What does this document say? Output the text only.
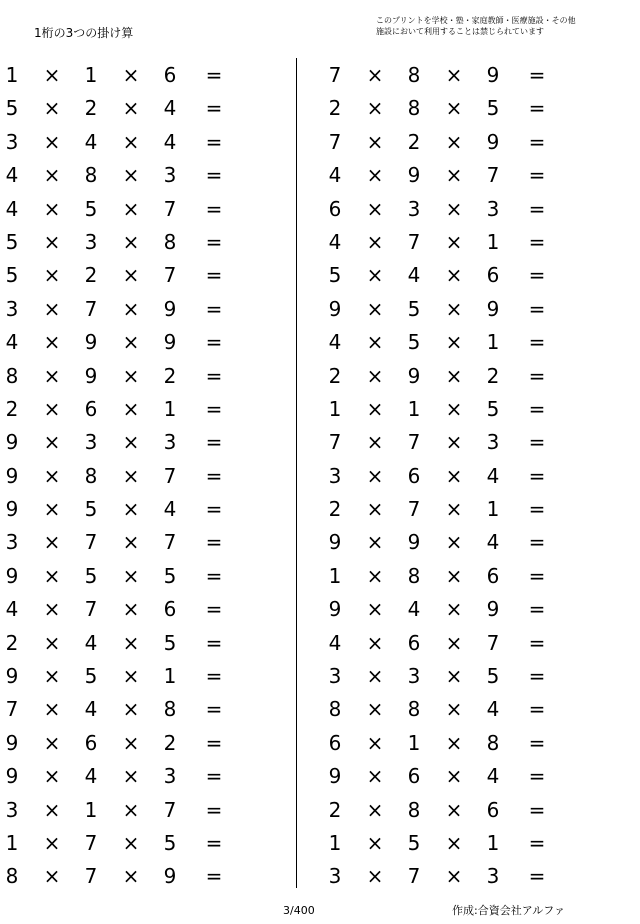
1桁の3つの掛け算
このプリントを学校・塾・家庭教師・医療施設・その他
施設において利用することは禁じられています
1 × 1 × 6 =
5 × 2 × 4 =
3 × 4 × 4 =
4 × 8 × 3 =
4 × 5 × 7 =
5 × 3 × 8 =
5 × 2 × 7 =
3 × 7 × 9 =
4 × 9 × 9 =
8 × 9 × 2 =
2 × 6 × 1 =
9 × 3 × 3 =
9 × 8 × 7 =
9 × 5 × 4 =
3 × 7 × 7 =
9 × 5 × 5 =
4 × 7 × 6 =
2 × 4 × 5 =
9 × 5 × 1 =
7 × 4 × 8 =
9 × 6 × 2 =
9 × 4 × 3 =
3 × 1 × 7 =
1 × 7 × 5 =
8 × 7 × 9 =
7 × 8 × 9 =
2 × 8 × 5 =
7 × 2 × 9 =
4 × 9 × 7 =
6 × 3 × 3 =
4 × 7 × 1 =
5 × 4 × 6 =
9 × 5 × 9 =
4 × 5 × 1 =
2 × 9 × 2 =
1 × 1 × 5 =
7 × 7 × 3 =
3 × 6 × 4 =
2 × 7 × 1 =
9 × 9 × 4 =
1 × 8 × 6 =
9 × 4 × 9 =
4 × 6 × 7 =
3 × 3 × 5 =
8 × 8 × 4 =
6 × 1 × 8 =
9 × 6 × 4 =
2 × 8 × 6 =
1 × 5 × 1 =
3 × 7 × 3 =
3/400	作成:合資会社アルファ
